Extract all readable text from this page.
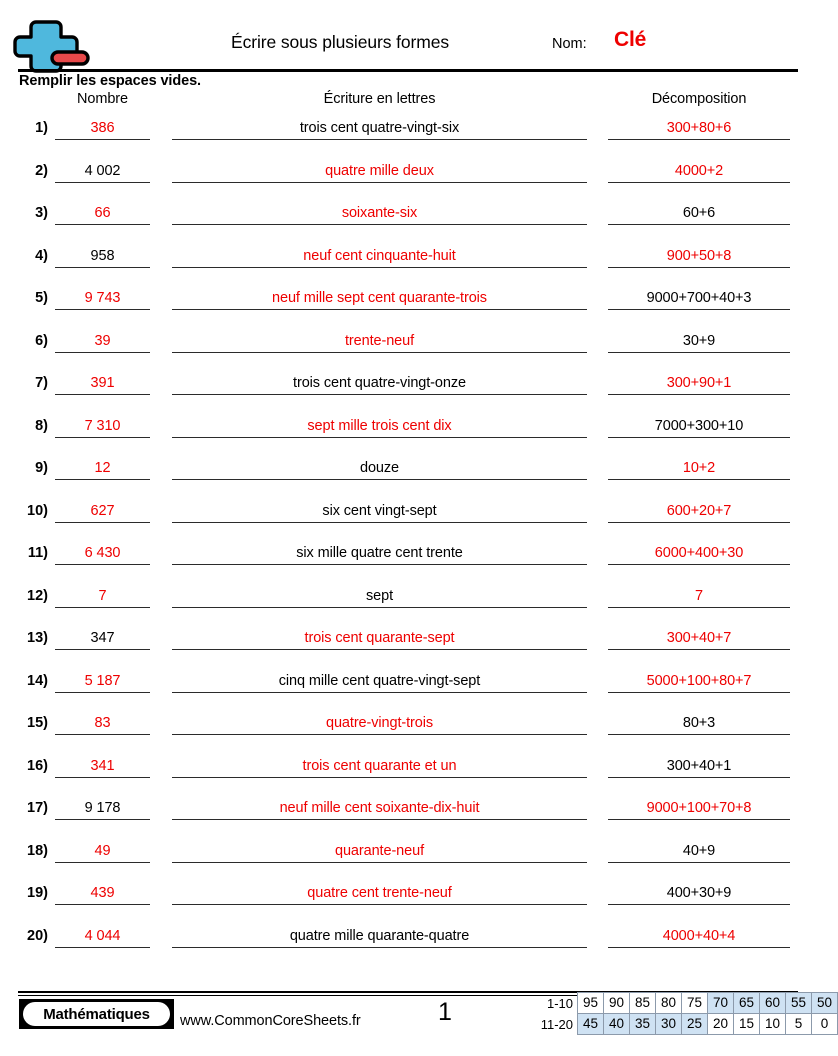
Écrire sous plusieurs formes	Nom: Clé
Remplir les espaces vides.
Nombre	Écriture en lettres	Décomposition
1)	386	trois cent quatre-vingt-six	300+80+6
2)	4 002	quatre mille deux	4000+2
3)	66	soixante-six	60+6
4)	958	neuf cent cinquante-huit	900+50+8
5)	9 743	neuf mille sept cent quarante-trois	9000+700+40+3
6)	39	trente-neuf	30+9
7)	391	trois cent quatre-vingt-onze	300+90+1
8)	7 310	sept mille trois cent dix	7000+300+10
9)	12	douze	10+2
10)	627	six cent vingt-sept	600+20+7
11)	6 430	six mille quatre cent trente	6000+400+30
12)	7	sept	7
13)	347	trois cent quarante-sept	300+40+7
14)	5 187	cinq mille cent quatre-vingt-sept	5000+100+80+7
15)	83	quatre-vingt-trois	80+3
16)	341	trois cent quarante et un	300+40+1
17)	9 178	neuf mille cent soixante-dix-huit	9000+100+70+8
18)	49	quarante-neuf	40+9
19)	439	quatre cent trente-neuf	400+30+9
20)	4 044	quatre mille quarante-quatre	4000+40+4
Mathématiques	www.CommonCoreSheets.fr	1	1-10 95 90 85 80 75 70 65 60 55 50
11-20 45 40 35 30 25 20 15 10	5	0
